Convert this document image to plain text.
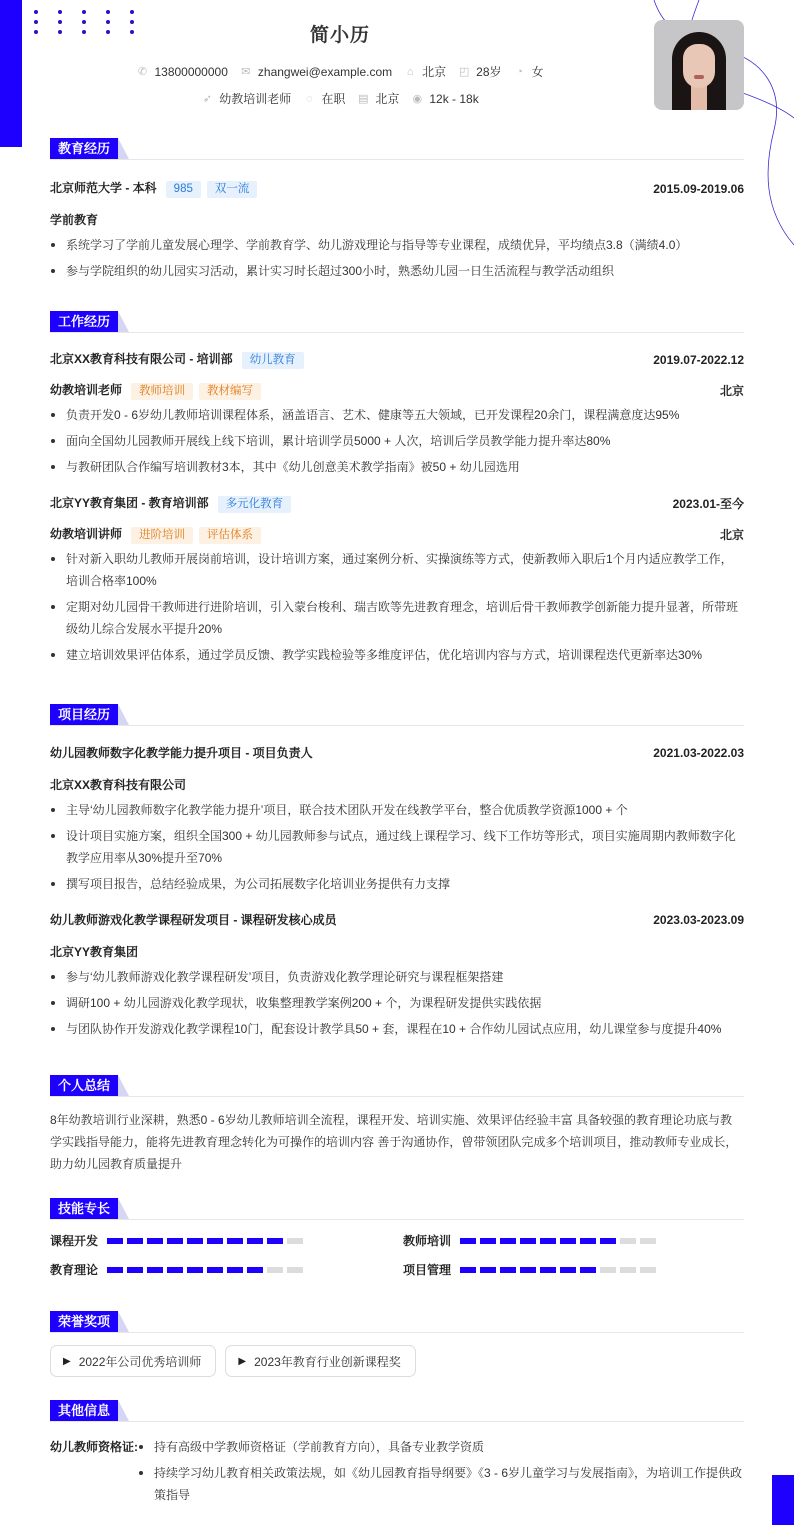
简小历
✆ 13800000000 ✉ zhangwei@example.com ⌂ 北京 ◰ 28岁 ◔ 女
➶ 幼教培训老师 ◌ 在职 ▤ 北京 ◉ 12k - 18k
教育经历
北京师范大学 - 本科 985 双一流	2015.09-2019.06
学前教育
系统学习了学前儿童发展心理学、学前教育学、幼儿游戏理论与指导等专业课程，成绩优异，平均绩点3.8（满绩4.0）
参与学院组织的幼儿园实习活动，累计实习时长超过300小时，熟悉幼儿园一日生活流程与教学活动组织
工作经历
北京XX教育科技有限公司 - 培训部 幼儿教育	2019.07-2022.12
幼教培训老师 教师培训 教材编写	北京
负责开发0 - 6岁幼儿教师培训课程体系，涵盖语言、艺术、健康等五大领域，已开发课程20余门，课程满意度达95%
面向全国幼儿园教师开展线上线下培训，累计培训学员5000 + 人次，培训后学员教学能力提升率达80%
与教研团队合作编写培训教材3本，其中《幼儿创意美术教学指南》被50 + 幼儿园选用
北京YY教育集团 - 教育培训部 多元化教育	2023.01-至今
幼教培训讲师 进阶培训 评估体系	北京
针对新入职幼儿教师开展岗前培训，设计培训方案，通过案例分析、实操演练等方式，使新教师入职后1个月内适应教学工作，培训合格率100%
定期对幼儿园骨干教师进行进阶培训，引入蒙台梭利、瑞吉欧等先进教育理念，培训后骨干教师教学创新能力提升显著，所带班级幼儿综合发展水平提升20%
建立培训效果评估体系，通过学员反馈、教学实践检验等多维度评估，优化培训内容与方式，培训课程迭代更新率达30%
项目经历
幼儿园教师数字化教学能力提升项目 - 项目负责人	2021.03-2022.03
北京XX教育科技有限公司
主导‘幼儿园教师数字化教学能力提升’项目，联合技术团队开发在线教学平台，整合优质教学资源1000 + 个
设计项目实施方案，组织全国300 + 幼儿园教师参与试点，通过线上课程学习、线下工作坊等形式，项目实施周期内教师数字化教学应用率从30%提升至70%
撰写项目报告，总结经验成果，为公司拓展数字化培训业务提供有力支撑
幼儿教师游戏化教学课程研发项目 - 课程研发核心成员	2023.03-2023.09
北京YY教育集团
参与‘幼儿教师游戏化教学课程研发’项目，负责游戏化教学理论研究与课程框架搭建
调研100 + 幼儿园游戏化教学现状，收集整理教学案例200 + 个，为课程研发提供实践依据
与团队协作开发游戏化教学课程10门，配套设计教学具50 + 套，课程在10 + 合作幼儿园试点应用，幼儿课堂参与度提升40%
个人总结
8年幼教培训行业深耕，熟悉0 - 6岁幼儿教师培训全流程，课程开发、培训实施、效果评估经验丰富 具备较强的教育理论功底与教学实践指导能力，能将先进教育理念转化为可操作的培训内容 善于沟通协作，曾带领团队完成多个培训项目，推动教师专业成长，助力幼儿园教育质量提升
技能专长
课程开发	教师培训
教育理论	项目管理
荣誉奖项
▶ 2022年公司优秀培训师	▶ 2023年教育行业创新课程奖
其他信息
幼儿教师资格证:	持有高级中学教师资格证（学前教育方向），具备专业教学资质
持续学习幼儿教育相关政策法规，如《幼儿园教育指导纲要》《3 - 6岁儿童学习与发展指南》，为培训工作提供政策指导
